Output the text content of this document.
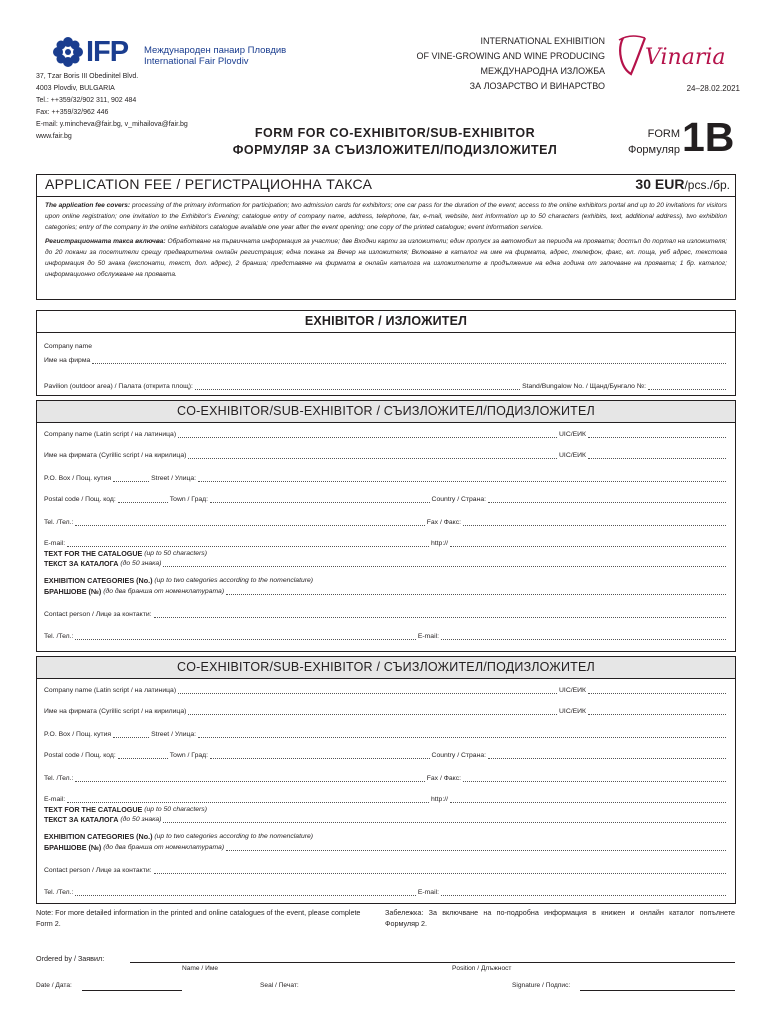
IFP Международен панаир Пловдив
International Fair Plovdiv
37, Tzar Boris III Obedinitel Blvd.
4003 Plovdiv, BULGARIA
Tel.: ++359/32/902 311, 902 484
Fax: ++359/32/962 446
E-mail: y.mincheva@fair.bg, v_mihailova@fair.bg
www.fair.bg
INTERNATIONAL EXHIBITION
OF VINE-GROWING AND WINE PRODUCING
МЕЖДУНАРОДНА ИЗЛОЖБА
ЗА ЛОЗАРСТВО И ВИНАРСТВО
Vinaria
24–28.02.2021
FORM FOR CO-EXHIBITOR/SUB-EXHIBITOR
ФОРМУЛЯР ЗА СЪИЗЛОЖИТЕЛ/ПОДИЗЛОЖИТЕЛ
FORM
Формуляр 1B
APPLICATION FEE / РЕГИСТРАЦИОННА ТАКСА	30 EUR/pcs./бр.

The application fee covers: processing of the primary information for participation; two admission cards for exhibitors; one car pass for the duration of the event; access to the online exhibitors portal and up to 20 invitations for visitors upon online registration; one invitation to the Exhibitor's Evening; catalogue entry of company name, address, telephone, fax, e-mail, website, text information up to 50 characters (exhibits, text, additional address), two exhibition categories; entry of the company in the online exhibitors catalogue available one year after the event opening; one copy of the printed catalogue; event information service.

Регистрационната такса включва: Обработване на първичната информация за участие; две Входни карти за изложители; един пропуск за автомобил за периода на проявата; достъп до портал на изложителя; до 20 покани за посетители срещу предварителна онлайн регистрация; една покана за Вечер на изложителя; Вклюване в каталог на име на фирмата, адрес, телефон, факс, ел. поща, уеб адрес, текстова информация до 50 знака (експонати, текст, доп. адрес), 2 бранша; представяне на фирмата в онлайн каталога на изложителите в продължение на една година от започване на проявата; 1 бр. каталог; информационно обслужване на проявата.

EXHIBITOR / ИЗЛОЖИТЕЛ
Company name
Име на фирма
Pavilion (outdoor area) / Палата (открита площ):	Stand/Bungalow No. / Щанд/Бунгало №:
CO-EXHIBITOR/SUB-EXHIBITOR / СЪИЗЛОЖИТЕЛ/ПОДИЗЛОЖИТЕЛ
Company name (Latin script / на латиница)	UIC/ЕИК
Име на фирмата (Cyrillic script / на кирилица)	UIC/ЕИК
P.O. Box / Пощ. кутия	Street / Улица:
Postal code / Пощ. код:	Town / Град:	Country / Страна:
Tel. /Тел.:	Fax / Факс:
E-mail:	http://
TEXT FOR THE CATALOGUE
(up to 50 characters)
ТЕКСТ ЗА КАТАЛОГА
(до 50 знака)
EXHIBITION CATEGORIES (No.)
(up to two categories according to the nomenclature)
БРАНШОВЕ (№)
(до два бранша от номенклатурата)
Contact person / Лице за контакти:
Tel. /Тел.:	E-mail:
CO-EXHIBITOR/SUB-EXHIBITOR / СЪИЗЛОЖИТЕЛ/ПОДИЗЛОЖИТЕЛ
Company name (Latin script / на латиница)	UIC/ЕИК
Име на фирмата (Cyrillic script / на кирилица)	UIC/ЕИК
P.O. Box / Пощ. кутия	Street / Улица:
Postal code / Пощ. код:	Town / Град:	Country / Страна:
Tel. /Тел.:	Fax / Факс:
E-mail:	http://
TEXT FOR THE CATALOGUE
(up to 50 characters)
ТЕКСТ ЗА КАТАЛОГА
(до 50 знака)
EXHIBITION CATEGORIES (No.)
(up to two categories according to the nomenclature)
БРАНШОВЕ (№)
(до два бранша от номенклатурата)
Contact person / Лице за контакти:
Tel. /Тел.:	E-mail:
Note: For more detailed information in the printed and online catalogues of the event, please complete Form 2.
Забележка: За включване на по-подробна информация в книжен и онлайн каталог попълнете Формуляр 2.
Ordered by / Заявил:
Name / Име	Position / Длъжност
Date / Дата:	Seal / Печат:	Signature / Подпис:
